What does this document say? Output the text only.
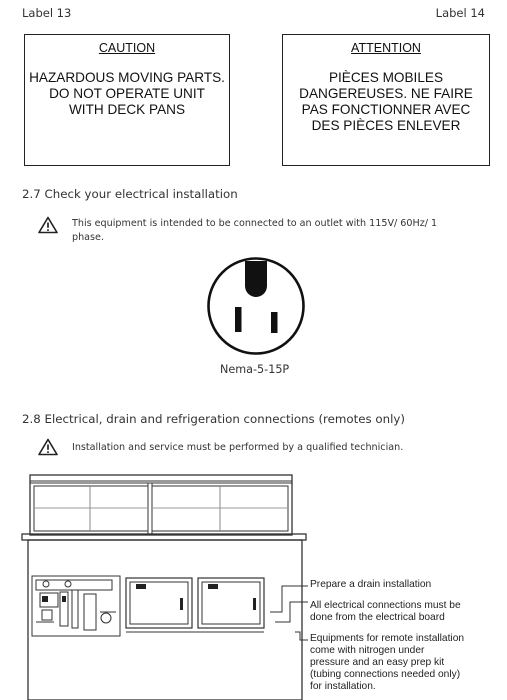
Label 13	Label 14
CAUTION
HAZARDOUS MOVING PARTS.
DO NOT OPERATE UNIT
WITH DECK PANS
ATTENTION
PIÈCES MOBILES
DANGEREUSES. NE FAIRE
PAS FONCTIONNER AVEC
DES PIÈCES ENLEVER
2.7 Check your electrical installation
This equipment is intended to be connected to an outlet with 115V/ 60Hz/ 1
phase.
Nema-5-15P
2.8 Electrical, drain and refrigeration connections (remotes only)
Installation and service must be performed by a qualified technician.
Prepare a drain installation
All electrical connections must be
done from the electrical board
Equipments for remote installation
come with nitrogen under
pressure and an easy prep kit
(tubing connections needed only)
for installation.
